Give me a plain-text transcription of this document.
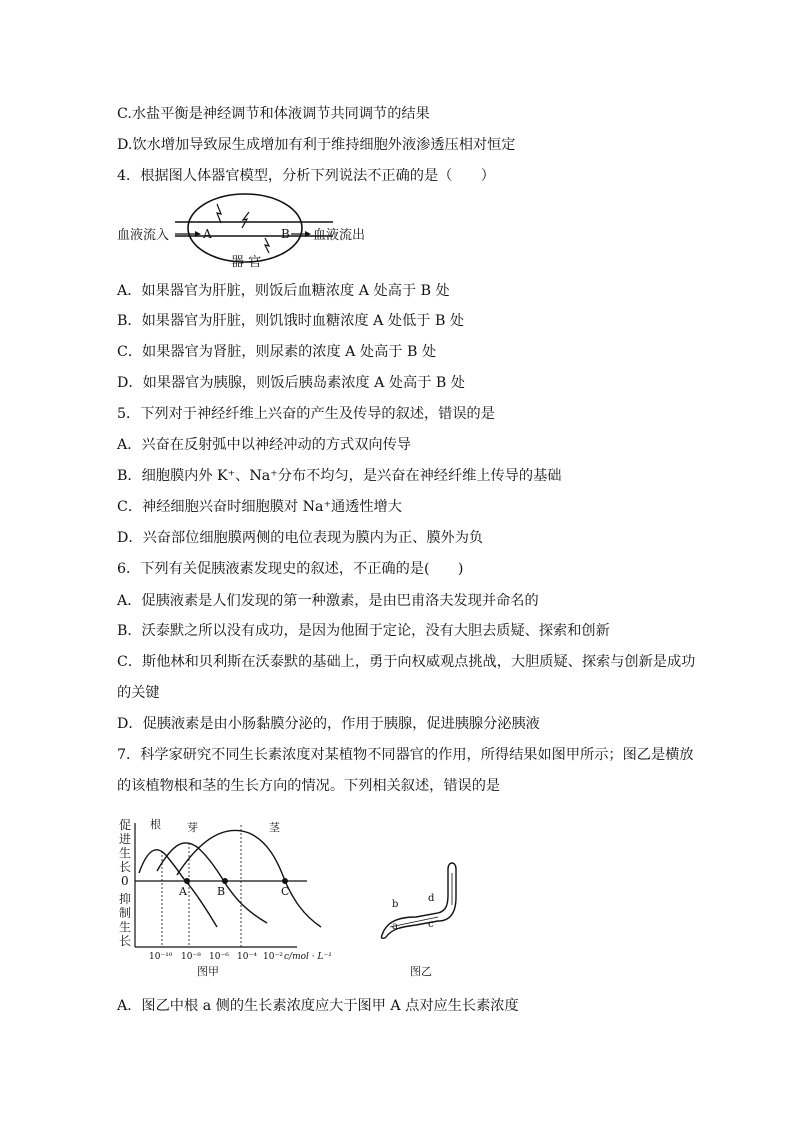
C.水盐平衡是神经调节和体液调节共同调节的结果
D.饮水增加导致尿生成增加有利于维持细胞外液渗透压相对恒定
4．根据图人体器官模型，分析下列说法不正确的是（　　）
血液流入	A	B 血液流出
器 官
A．如果器官为肝脏，则饭后血糖浓度 A 处高于 B 处
B．如果器官为肝脏，则饥饿时血糖浓度 A 处低于 B 处
C．如果器官为肾脏，则尿素的浓度 A 处高于 B 处
D．如果器官为胰腺，则饭后胰岛素浓度 A 处高于 B 处
5．下列对于神经纤维上兴奋的产生及传导的叙述，错误的是
A．兴奋在反射弧中以神经冲动的方式双向传导
B．细胞膜内外 K⁺、Na⁺分布不均匀，是兴奋在神经纤维上传导的基础
C．神经细胞兴奋时细胞膜对 Na⁺通透性增大
D．兴奋部位细胞膜两侧的电位表现为膜内为正、膜外为负
6．下列有关促胰液素发现史的叙述，不正确的是(　　)
A．促胰液素是人们发现的第一种激素，是由巴甫洛夫发现并命名的
B．沃泰默之所以没有成功，是因为他囿于定论，没有大胆去质疑、探索和创新
C．斯他林和贝利斯在沃泰默的基础上，勇于向权威观点挑战，大胆质疑、探索与创新是成功
的关键
D．促胰液素是由小肠黏膜分泌的，作用于胰腺，促进胰腺分泌胰液
7．科学家研究不同生长素浓度对某植物不同器官的作用，所得结果如图甲所示；图乙是横放
的该植物根和茎的生长方向的情况。下列相关叙述，错误的是
促
进
生
长
0
抑
制
生
长
根 芽	茎
A	B	C
10⁻¹⁰ 10⁻⁸ 10⁻⁶ 10⁻⁴ 10⁻² c/mol · L⁻¹
图甲
a
b
c
d
图乙
A．图乙中根 a 侧的生长素浓度应大于图甲 A 点对应生长素浓度
